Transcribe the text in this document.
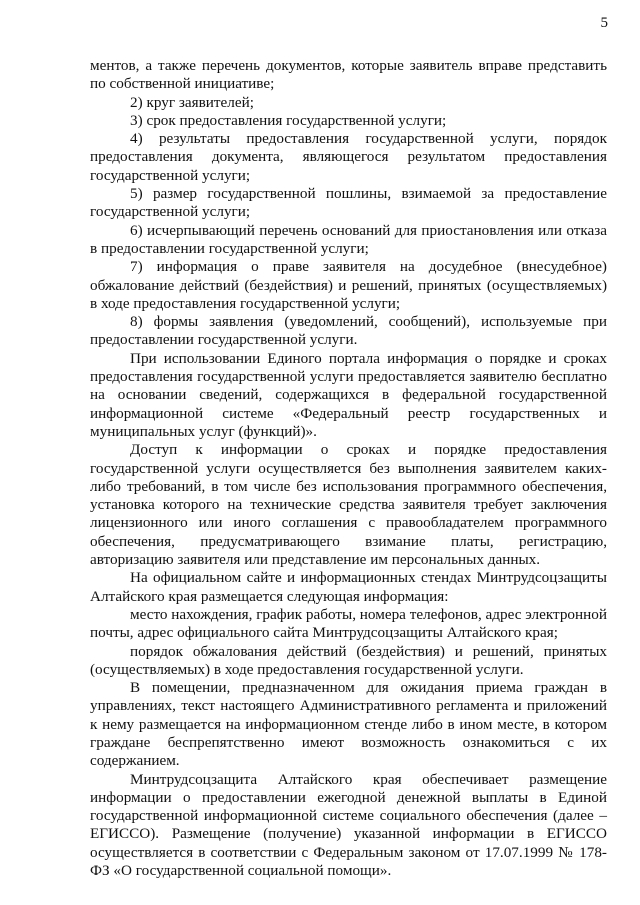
5

ментов, а также перечень документов, которые заявитель вправе представить по собственной инициативе;

2) круг заявителей;

3) срок предоставления государственной услуги;

4) результаты предоставления государственной услуги, порядок предоставления документа, являющегося результатом предоставления государственной услуги;

5) размер государственной пошлины, взимаемой за предоставление государственной услуги;

6) исчерпывающий перечень оснований для приостановления или отказа в предоставлении государственной услуги;

7) информация о праве заявителя на досудебное (внесудебное) обжалование действий (бездействия) и решений, принятых (осуществляемых) в ходе предоставления государственной услуги;

8) формы заявления (уведомлений, сообщений), используемые при предоставлении государственной услуги.

При использовании Единого портала информация о порядке и сроках предоставления государственной услуги предоставляется заявителю бесплатно на основании сведений, содержащихся в федеральной государственной информационной системе «Федеральный реестр государственных и муниципальных услуг (функций)».

Доступ к информации о сроках и порядке предоставления государственной услуги осуществляется без выполнения заявителем каких-либо требований, в том числе без использования программного обеспечения, установка которого на технические средства заявителя требует заключения лицензионного или иного соглашения с правообладателем программного обеспечения, предусматривающего взимание платы, регистрацию, авторизацию заявителя или представление им персональных данных.

На официальном сайте и информационных стендах Минтрудсоцзащиты Алтайского края размещается следующая информация:

место нахождения, график работы, номера телефонов, адрес электронной почты, адрес официального сайта Минтрудсоцзащиты Алтайского края;

порядок обжалования действий (бездействия) и решений, принятых (осуществляемых) в ходе предоставления государственной услуги.

В помещении, предназначенном для ожидания приема граждан в управлениях, текст настоящего Административного регламента и приложений к нему размещается на информационном стенде либо в ином месте, в котором граждане беспрепятственно имеют возможность ознакомиться с их содержанием.

Минтрудсоцзащита Алтайского края обеспечивает размещение информации о предоставлении ежегодной денежной выплаты в Единой государственной информационной системе социального обеспечения (далее – ЕГИССО). Размещение (получение) указанной информации в ЕГИССО осуществляется в соответствии с Федеральным законом от 17.07.1999 № 178-ФЗ «О государственной социальной помощи».
